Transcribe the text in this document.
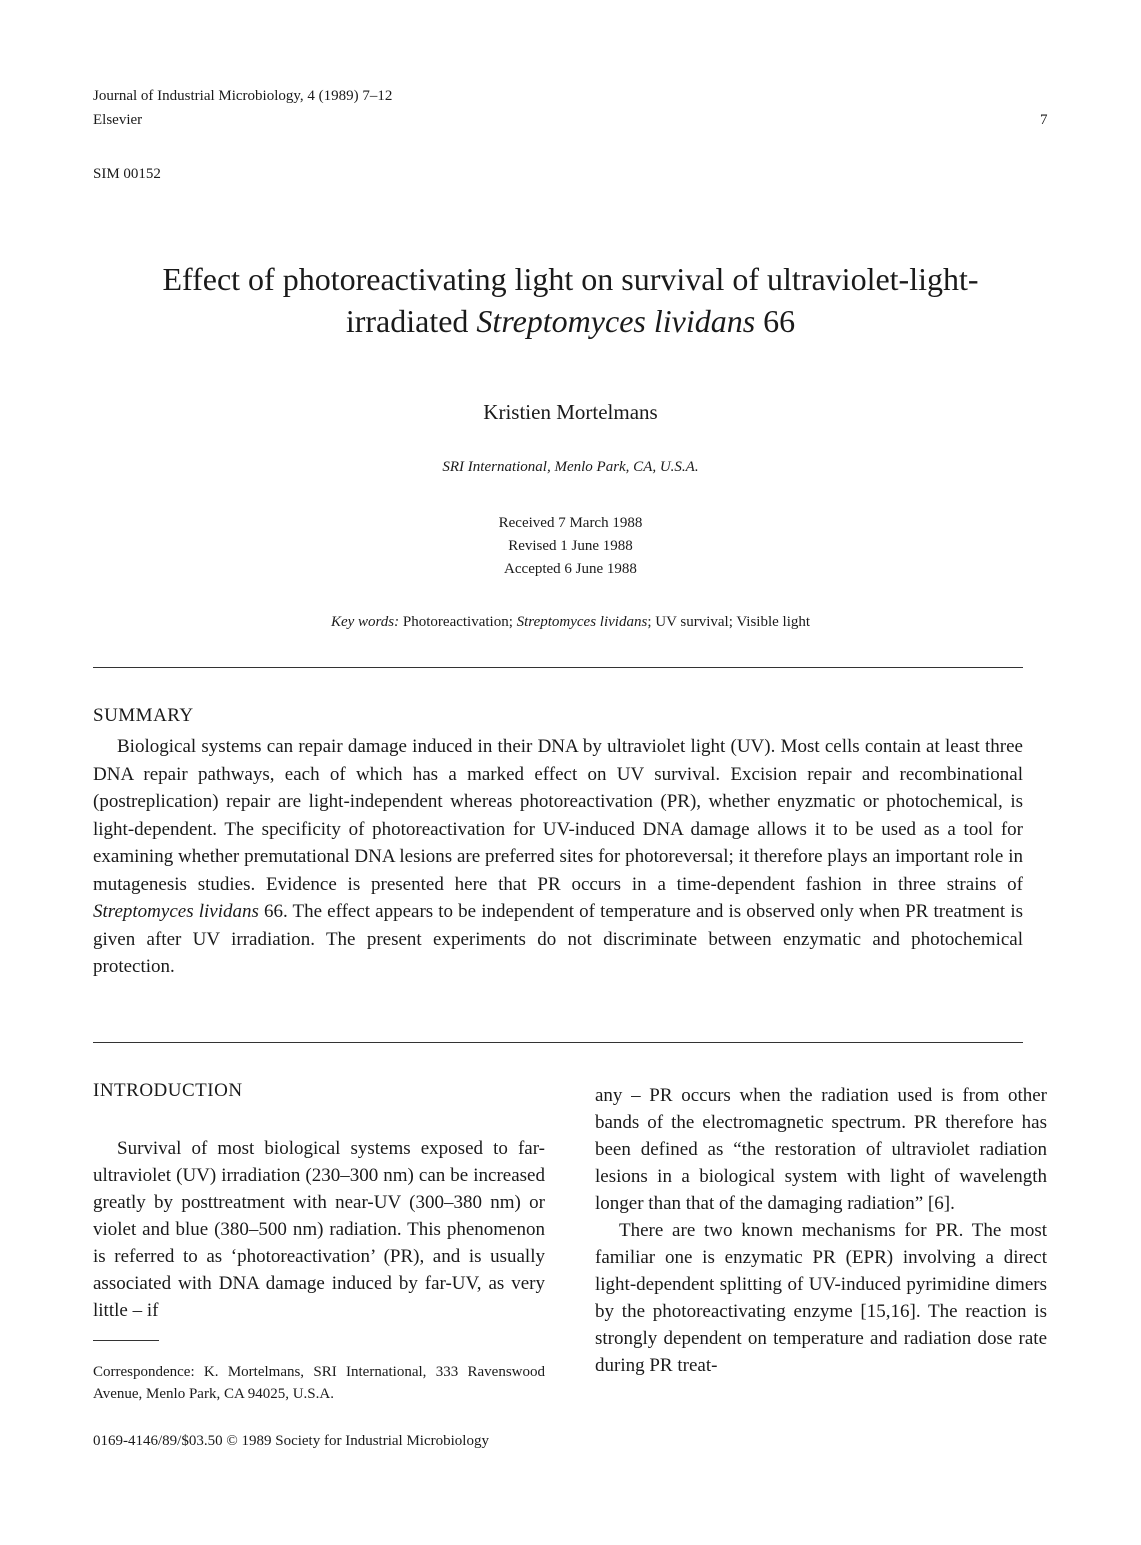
Journal of Industrial Microbiology, 4 (1989) 7–12
Elsevier	7
SIM 00152
Effect of photoreactivating light on survival of ultraviolet-light-
irradiated Streptomyces lividans 66
Kristien Mortelmans
SRI International, Menlo Park, CA, U.S.A.
Received 7 March 1988
Revised 1 June 1988
Accepted 6 June 1988
Key words: Photoreactivation; Streptomyces lividans; UV survival; Visible light
SUMMARY
Biological systems can repair damage induced in their DNA by ultraviolet light (UV). Most cells contain at least three DNA repair pathways, each of which has a marked effect on UV survival. Excision repair and recombinational (postreplication) repair are light-independent whereas photoreactivation (PR), whether enyzmatic or photochemical, is light-dependent. The specificity of photoreactivation for UV-induced DNA damage allows it to be used as a tool for examining whether premutational DNA lesions are preferred sites for photoreversal; it therefore plays an important role in mutagenesis studies. Evidence is presented here that PR occurs in a time-dependent fashion in three strains of Streptomyces lividans 66. The effect appears to be independent of temperature and is observed only when PR treatment is given after UV irradiation. The present experiments do not discriminate between enzymatic and photochemical protection.
INTRODUCTION

Survival of most biological systems exposed to far-ultraviolet (UV) irradiation (230–300 nm) can be increased greatly by posttreatment with near-UV (300–380 nm) or violet and blue (380–500 nm) radiation. This phenomenon is referred to as ‘photoreactivation’ (PR), and is usually associated with DNA damage induced by far-UV, as very little – if

any – PR occurs when the radiation used is from other bands of the electromagnetic spectrum. PR therefore has been defined as “the restoration of ultraviolet radiation lesions in a biological system with light of wavelength longer than that of the damaging radiation” [6].

There are two known mechanisms for PR. The most familiar one is enzymatic PR (EPR) involving a direct light-dependent splitting of UV-induced pyrimidine dimers by the photoreactivating enzyme [15,16]. The reaction is strongly dependent on temperature and radiation dose rate during PR treat-

Correspondence: K. Mortelmans, SRI International, 333 Ravenswood Avenue, Menlo Park, CA 94025, U.S.A.
0169-4146/89/$03.50 © 1989 Society for Industrial Microbiology
